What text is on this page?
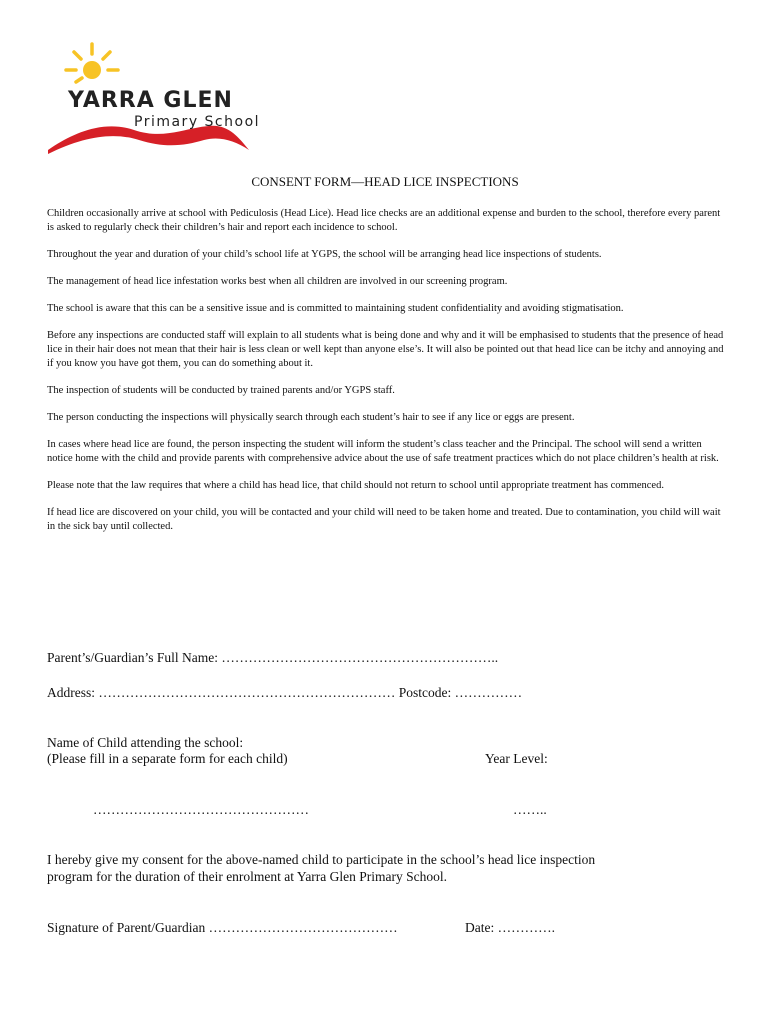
YARRA GLEN
Primary School
CONSENT FORM—HEAD LICE INSPECTIONS

Children occasionally arrive at school with Pediculosis (Head Lice). Head lice checks are an additional expense and burden to the school, therefore every parent is asked to regularly check their children’s hair and report each incidence to school.

Throughout the year and duration of your child’s school life at YGPS, the school will be arranging head lice inspections of students.

The management of head lice infestation works best when all children are involved in our screening program.

The school is aware that this can be a sensitive issue and is committed to maintaining student confidentiality and avoiding stigmatisation.

Before any inspections are conducted staff will explain to all students what is being done and why and it will be emphasised to students that the presence of head lice in their hair does not mean that their hair is less clean or well kept than anyone else’s. It will also be pointed out that head lice can be itchy and annoying and if you know you have got them, you can do something about it.

The inspection of students will be conducted by trained parents and/or YGPS staff.

The person conducting the inspections will physically search through each student’s hair to see if any lice or eggs are present.

In cases where head lice are found, the person inspecting the student will inform the student’s class teacher and the Principal. The school will send a written notice home with the child and provide parents with comprehensive advice about the use of safe treatment practices which do not place children’s health at risk.

Please note that the law requires that where a child has head lice, that child should not return to school until appropriate treatment has commenced.

If head lice are discovered on your child, you will be contacted and your child will need to be taken home and treated. Due to contamination, you child will wait in the sick bay until collected.

Parent’s/Guardian’s Full Name: ……………………………………………………..
Address: ………………………………………………………… Postcode: ……………
Name of Child attending the school:
(Please fill in a separate form for each child)	Year Level:
…………………………………………	……..
I hereby give my consent for the above-named child to participate in the school’s head lice inspection
program for the duration of their enrolment at Yarra Glen Primary School.
Signature of Parent/Guardian ……………………………………	Date: ………….
